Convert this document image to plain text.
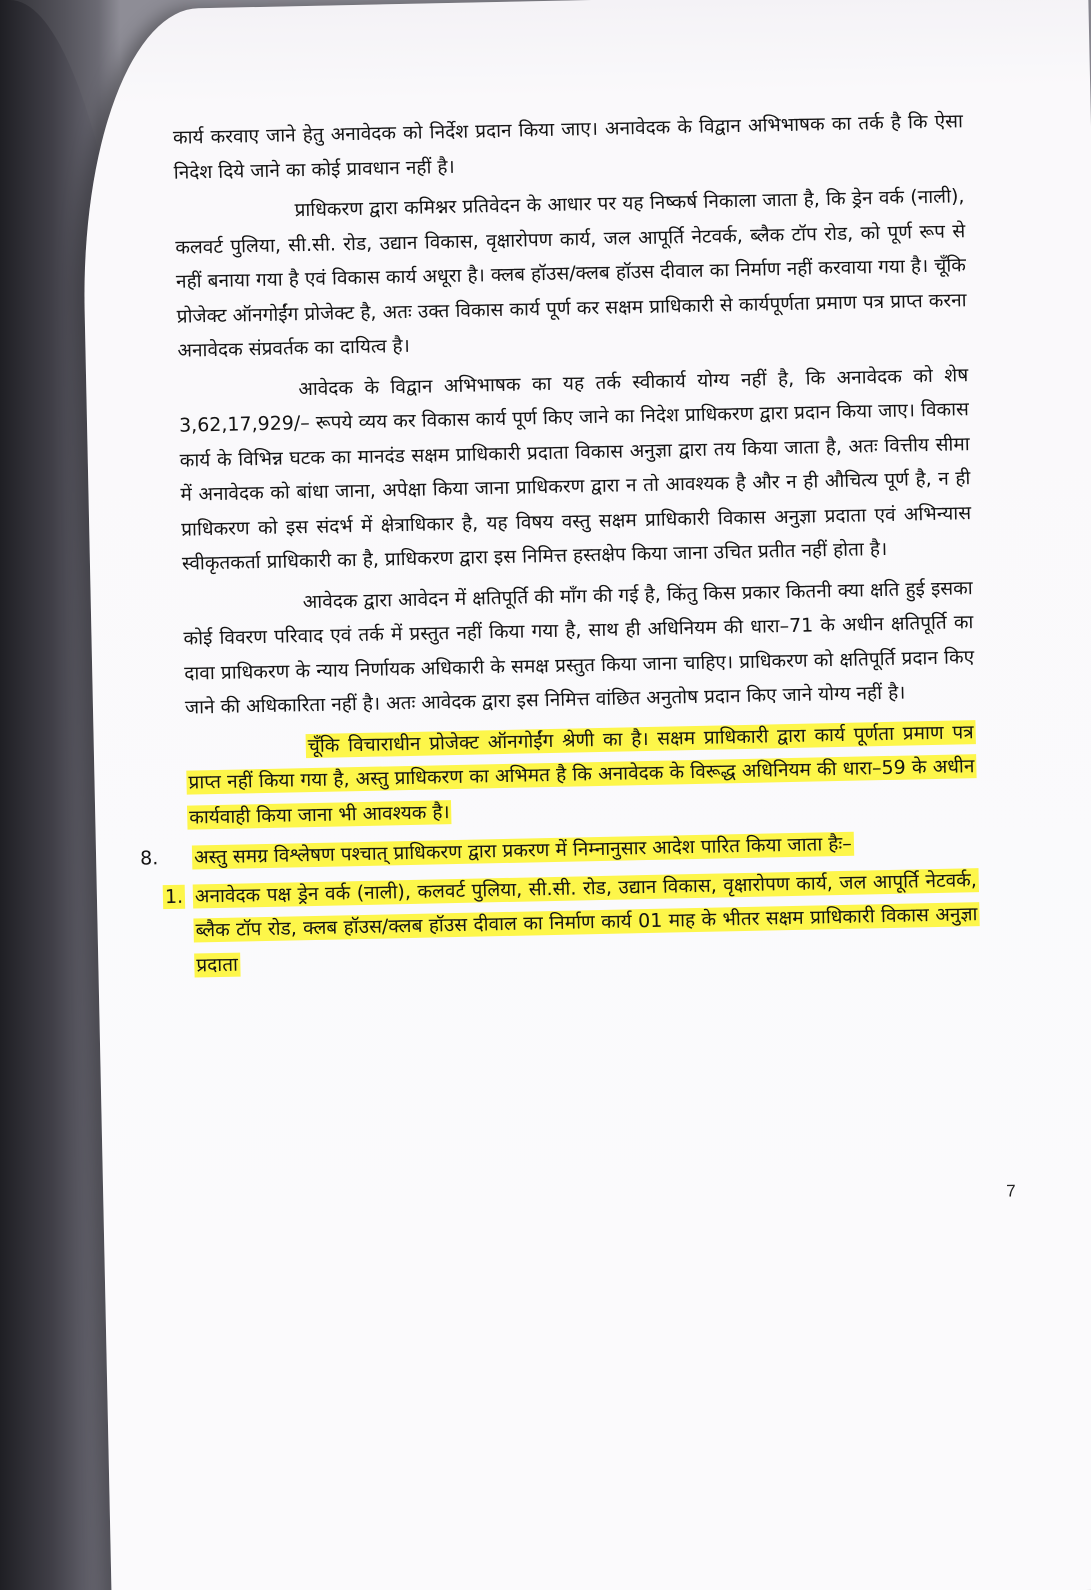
कार्य करवाए जाने हेतु अनावेदक को निर्देश प्रदान किया जाए। अनावेदक के विद्वान अभिभाषक का तर्क है कि ऐसा निदेश दिये जाने का कोई प्रावधान नहीं है।

प्राधिकरण द्वारा कमिश्नर प्रतिवेदन के आधार पर यह निष्कर्ष निकाला जाता है, कि ड्रेन वर्क (नाली), कलवर्ट पुलिया, सी.सी. रोड, उद्यान विकास, वृक्षारोपण कार्य, जल आपूर्ति नेटवर्क, ब्लैक टॉप रोड, को पूर्ण रूप से नहीं बनाया गया है एवं विकास कार्य अधूरा है। क्लब हॉउस/क्लब हॉउस दीवाल का निर्माण नहीं करवाया गया है। चूँकि प्रोजेक्ट ऑनगोईंग प्रोजेक्ट है, अतः उक्त विकास कार्य पूर्ण कर सक्षम प्राधिकारी से कार्यपूर्णता प्रमाण पत्र प्राप्त करना अनावेदक संप्रवर्तक का दायित्व है।

आवेदक के विद्वान अभिभाषक का यह तर्क स्वीकार्य योग्य नहीं है, कि अनावेदक को शेष 3,62,17,929/– रूपये व्यय कर विकास कार्य पूर्ण किए जाने का निदेश प्राधिकरण द्वारा प्रदान किया जाए। विकास कार्य के विभिन्न घटक का मानदंड सक्षम प्राधिकारी प्रदाता विकास अनुज्ञा द्वारा तय किया जाता है, अतः वित्तीय सीमा में अनावेदक को बांधा जाना, अपेक्षा किया जाना प्राधिकरण द्वारा न तो आवश्यक है और न ही औचित्य पूर्ण है, न ही प्राधिकरण को इस संदर्भ में क्षेत्राधिकार है, यह विषय वस्तु सक्षम प्राधिकारी विकास अनुज्ञा प्रदाता एवं अभिन्यास स्वीकृतकर्ता प्राधिकारी का है, प्राधिकरण द्वारा इस निमित्त हस्तक्षेप किया जाना उचित प्रतीत नहीं होता है।

आवेदक द्वारा आवेदन में क्षतिपूर्ति की मॉंग की गई है, किंतु किस प्रकार कितनी क्या क्षति हुई इसका कोई विवरण परिवाद एवं तर्क में प्रस्तुत नहीं किया गया है, साथ ही अधिनियम की धारा–71 के अधीन क्षतिपूर्ति का दावा प्राधिकरण के न्याय निर्णायक अधिकारी के समक्ष प्रस्तुत किया जाना चाहिए। प्राधिकरण को क्षतिपूर्ति प्रदान किए जाने की अधिकारिता नहीं है। अतः आवेदक द्वारा इस निमित्त वांछित अनुतोष प्रदान किए जाने योग्य नहीं है।

चूँकि विचाराधीन प्रोजेक्ट ऑनगोईंग श्रेणी का है। सक्षम प्राधिकारी द्वारा कार्य पूर्णता प्रमाण पत्र प्राप्त नहीं किया गया है, अस्तु प्राधिकरण का अभिमत है कि अनावेदक के विरूद्ध अधिनियम की धारा–59 के अधीन कार्यवाही किया जाना भी आवश्यक है।

8.	अस्तु समग्र विश्लेषण पश्चात् प्राधिकरण द्वारा प्रकरण में निम्नानुसार आदेश पारित किया जाता हैः–
1. अनावेदक पक्ष ड्रेन वर्क (नाली), कलवर्ट पुलिया, सी.सी. रोड, उद्यान विकास, वृक्षारोपण कार्य, जल आपूर्ति नेटवर्क, ब्लैक टॉप रोड, क्लब हॉउस/क्लब हॉउस दीवाल का निर्माण कार्य 01 माह के भीतर सक्षम प्राधिकारी विकास अनुज्ञा प्रदाता
7
